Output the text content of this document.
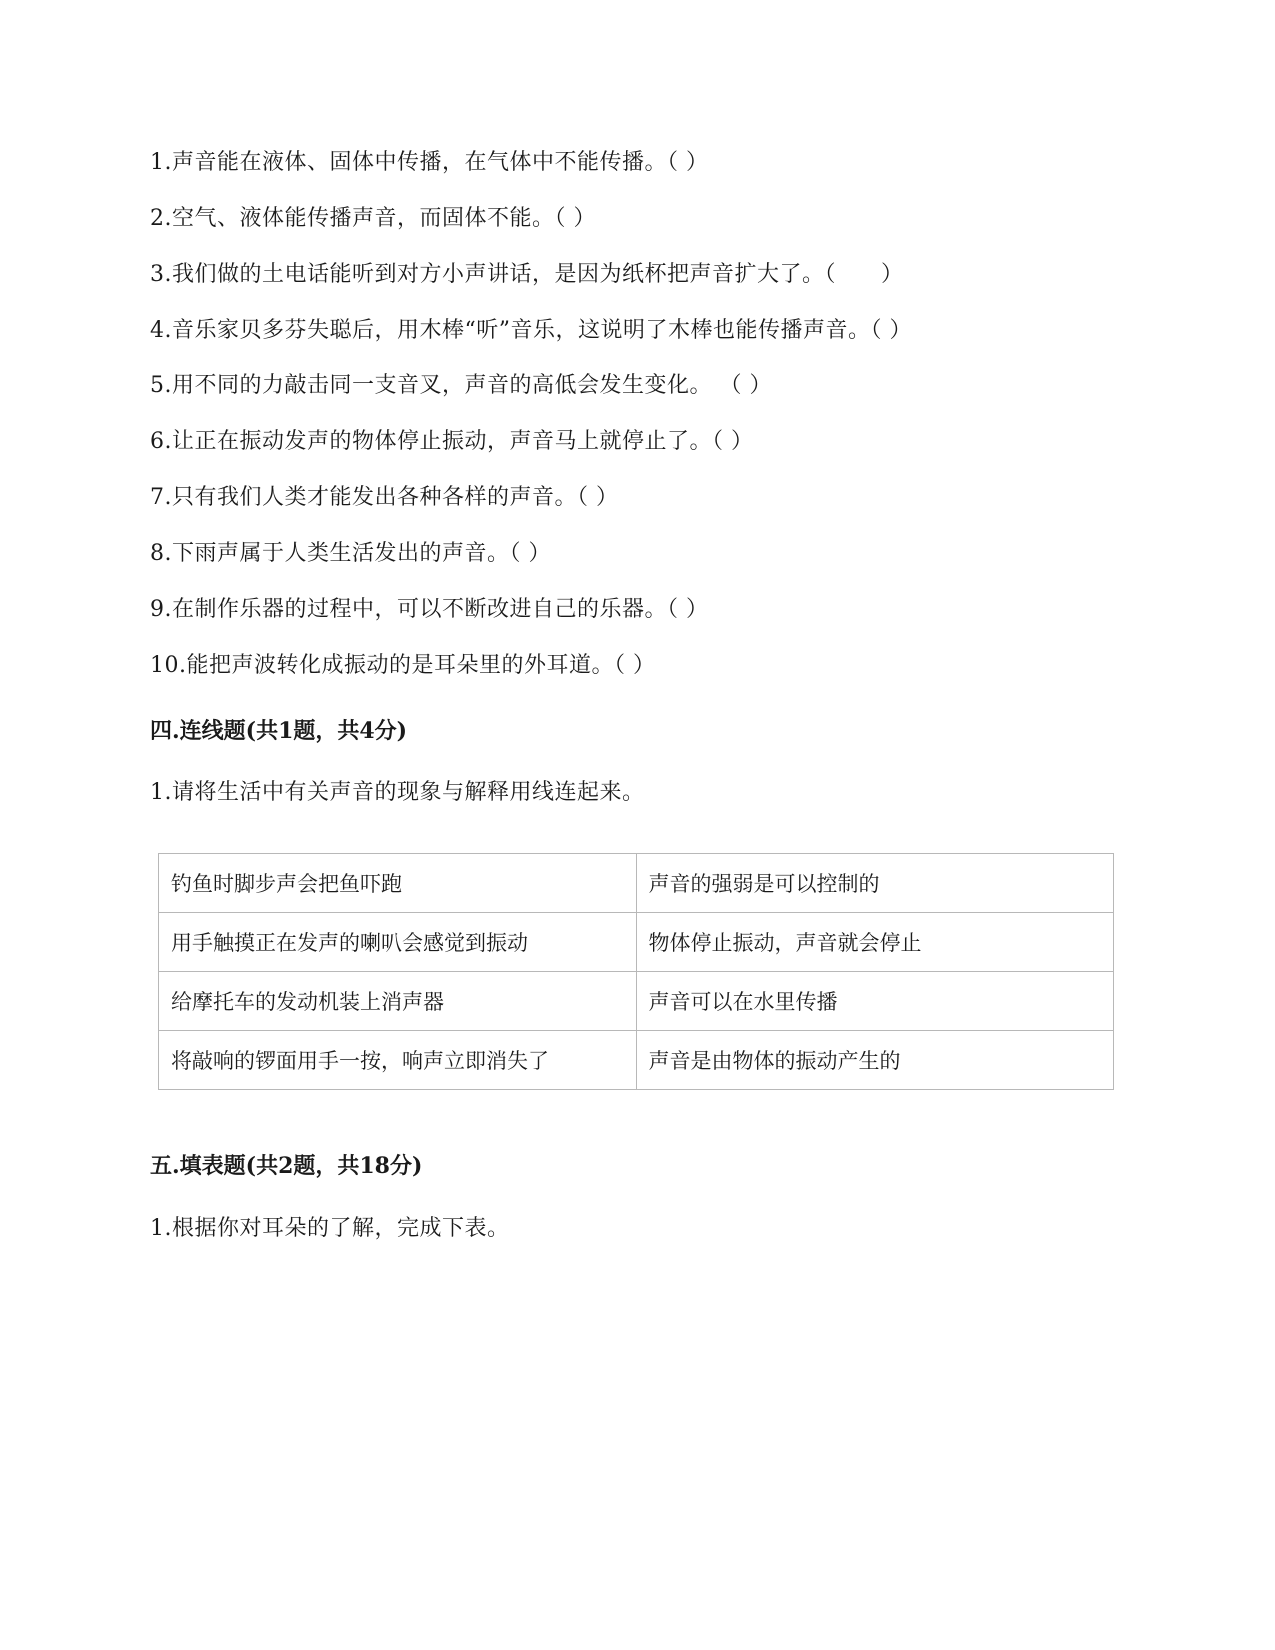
1.声音能在液体、固体中传播，在气体中不能传播。（ ）
2.空气、液体能传播声音，而固体不能。（ ）
3.我们做的土电话能听到对方小声讲话，是因为纸杯把声音扩大了。（　　）
4.音乐家贝多芬失聪后，用木棒“听”音乐，这说明了木棒也能传播声音。（ ）
5.用不同的力敲击同一支音叉，声音的高低会发生变化。 （ ）
6.让正在振动发声的物体停止振动，声音马上就停止了。（ ）
7.只有我们人类才能发出各种各样的声音。（ ）
8.下雨声属于人类生活发出的声音。（ ）
9.在制作乐器的过程中，可以不断改进自己的乐器。（ ）
10.能把声波转化成振动的是耳朵里的外耳道。（ ）
四.连线题(共1题，共4分)
1.请将生活中有关声音的现象与解释用线连起来。
钓鱼时脚步声会把鱼吓跑	声音的强弱是可以控制的
用手触摸正在发声的喇叭会感觉到振动	物体停止振动，声音就会停止
给摩托车的发动机装上消声器	声音可以在水里传播
将敲响的锣面用手一按，响声立即消失了	声音是由物体的振动产生的
五.填表题(共2题，共18分)
1.根据你对耳朵的了解，完成下表。
